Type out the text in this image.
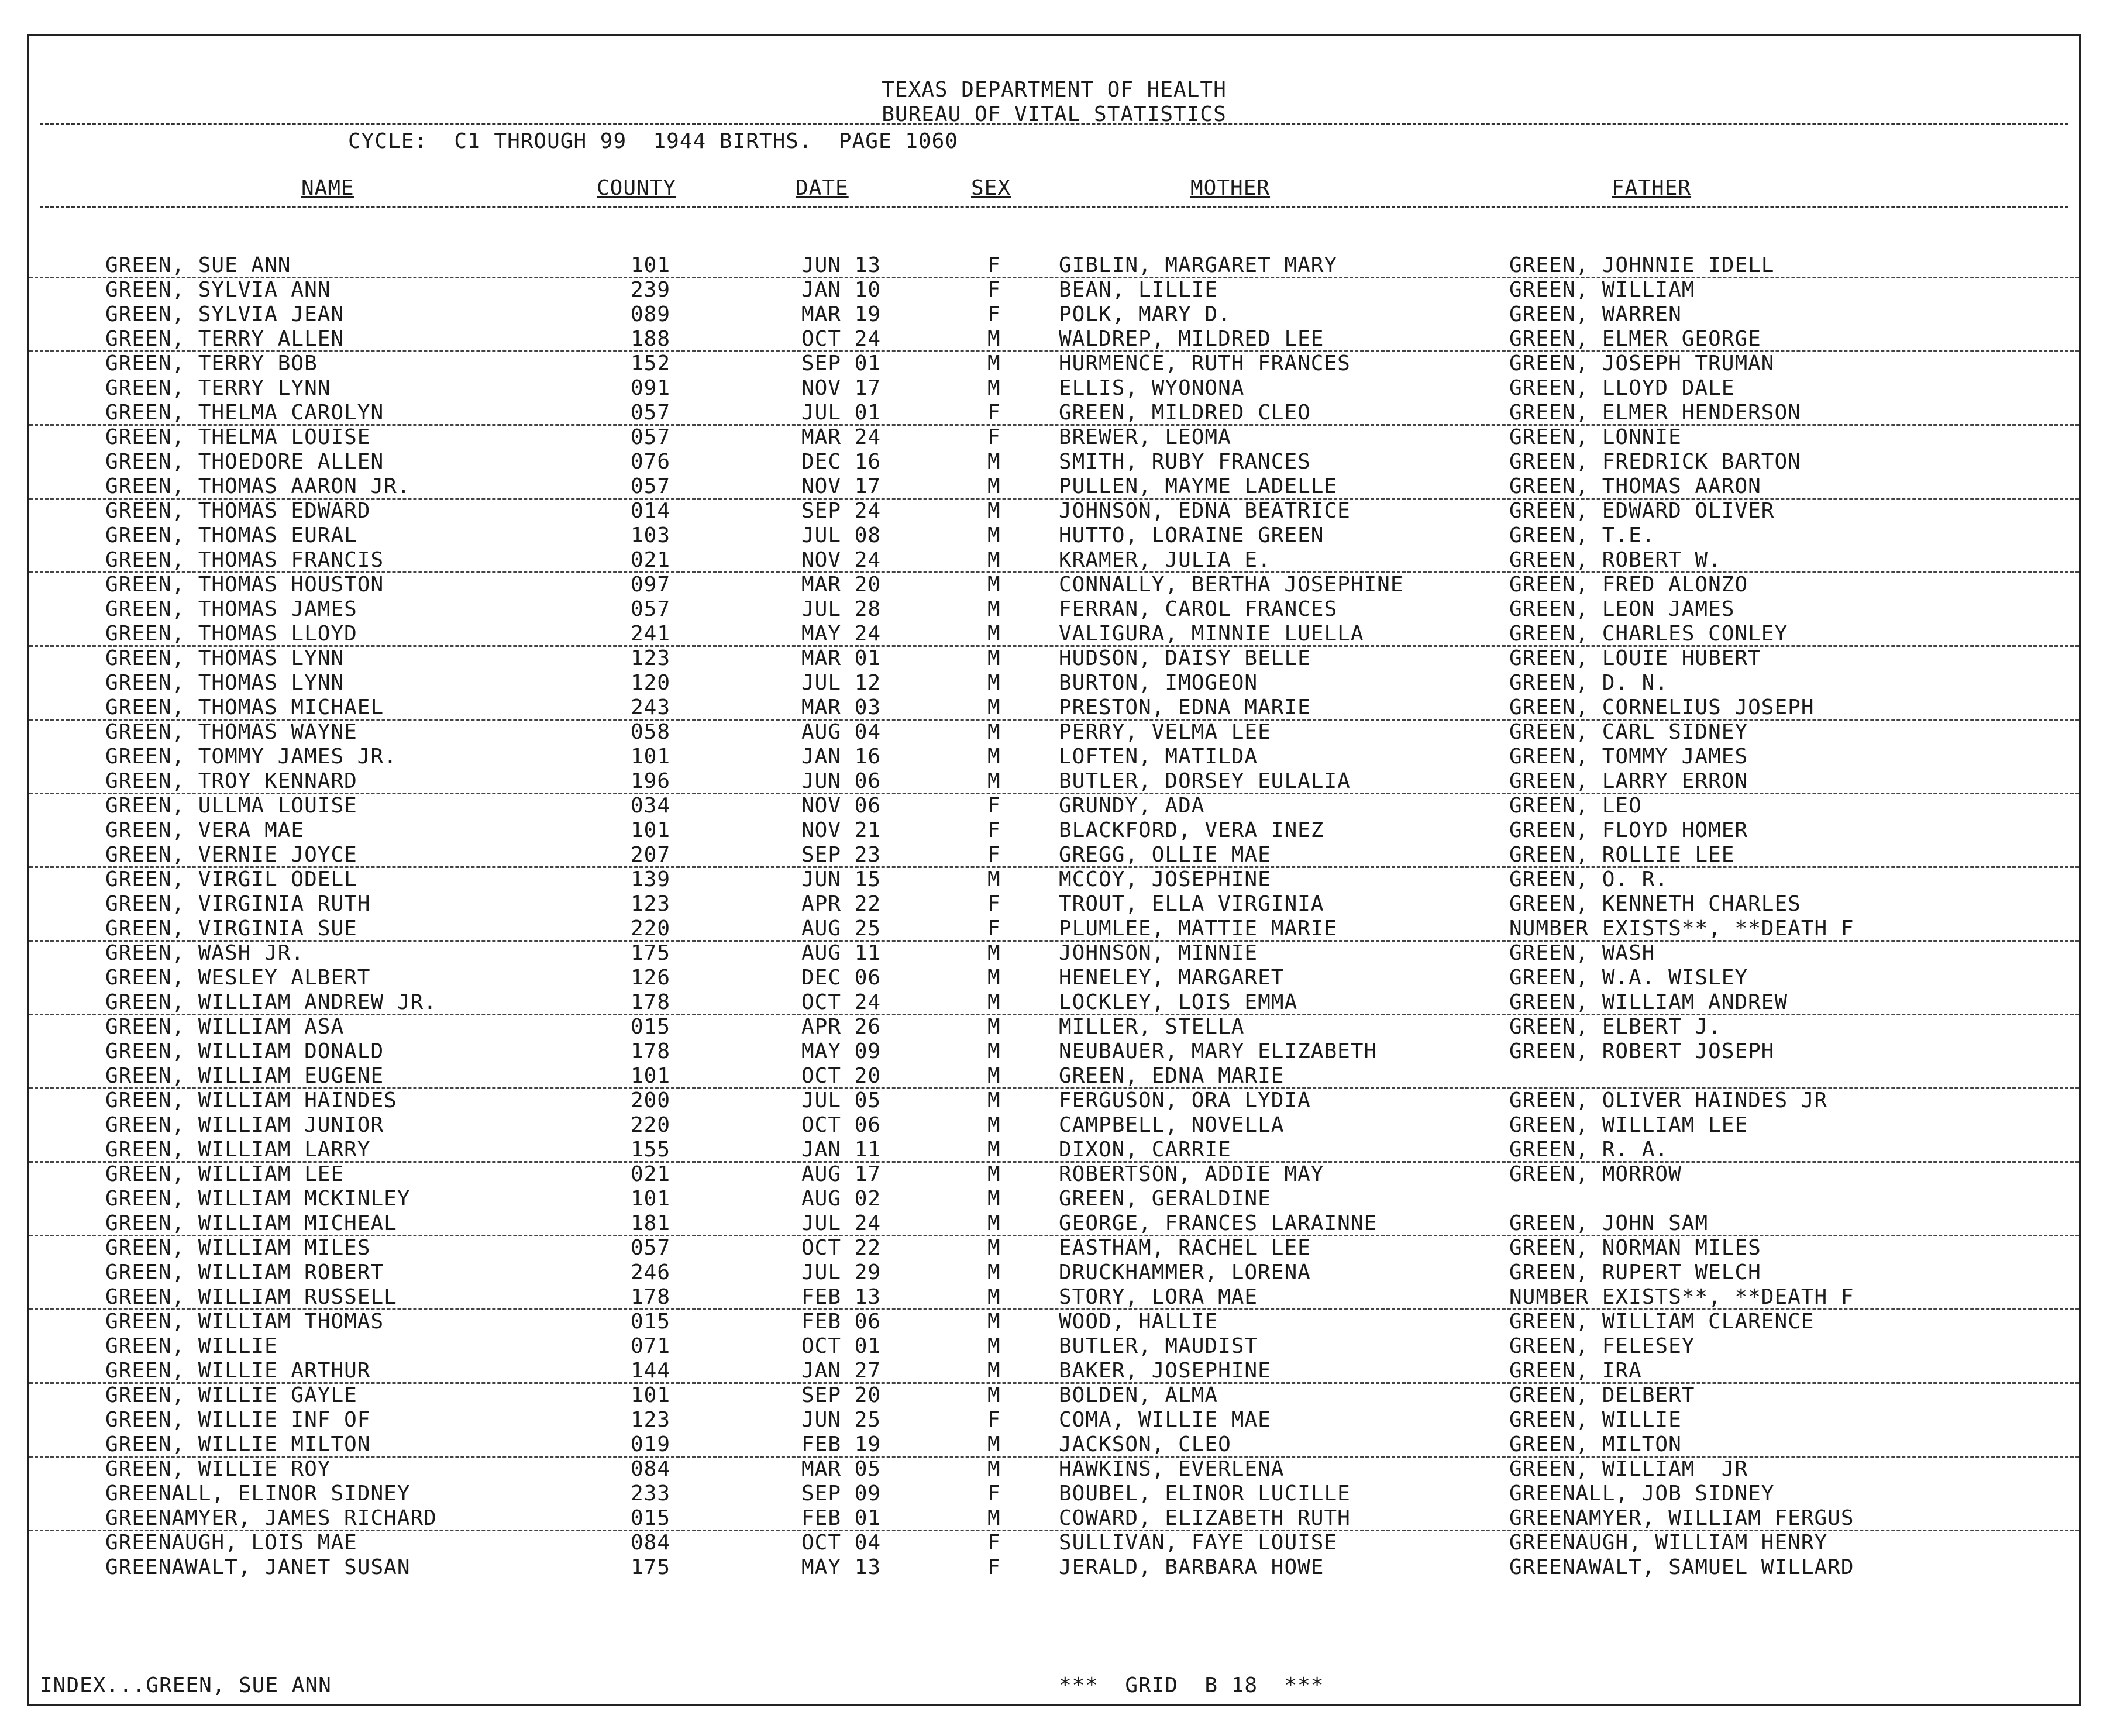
TEXAS DEPARTMENT OF HEALTH
BUREAU OF VITAL STATISTICS
CYCLE:  C1 THROUGH 99  1944 BIRTHS.  PAGE 1060
NAME	COUNTY	DATE	SEX	MOTHER	FATHER
GREEN, SUE ANN	101	JUN 13	F	GIBLIN, MARGARET MARY	GREEN, JOHNNIE IDELL
GREEN, SYLVIA ANN	239	JAN 10	F	BEAN, LILLIE	GREEN, WILLIAM
GREEN, SYLVIA JEAN	089	MAR 19	F	POLK, MARY D.	GREEN, WARREN
GREEN, TERRY ALLEN	188	OCT 24	M	WALDREP, MILDRED LEE	GREEN, ELMER GEORGE
GREEN, TERRY BOB	152	SEP 01	M	HURMENCE, RUTH FRANCES	GREEN, JOSEPH TRUMAN
GREEN, TERRY LYNN	091	NOV 17	M	ELLIS, WYONONA	GREEN, LLOYD DALE
GREEN, THELMA CAROLYN	057	JUL 01	F	GREEN, MILDRED CLEO	GREEN, ELMER HENDERSON
GREEN, THELMA LOUISE	057	MAR 24	F	BREWER, LEOMA	GREEN, LONNIE
GREEN, THOEDORE ALLEN	076	DEC 16	M	SMITH, RUBY FRANCES	GREEN, FREDRICK BARTON
GREEN, THOMAS AARON JR.	057	NOV 17	M	PULLEN, MAYME LADELLE	GREEN, THOMAS AARON
GREEN, THOMAS EDWARD	014	SEP 24	M	JOHNSON, EDNA BEATRICE	GREEN, EDWARD OLIVER
GREEN, THOMAS EURAL	103	JUL 08	M	HUTTO, LORAINE GREEN	GREEN, T.E.
GREEN, THOMAS FRANCIS	021	NOV 24	M	KRAMER, JULIA E.	GREEN, ROBERT W.
GREEN, THOMAS HOUSTON	097	MAR 20	M	CONNALLY, BERTHA JOSEPHINE	GREEN, FRED ALONZO
GREEN, THOMAS JAMES	057	JUL 28	M	FERRAN, CAROL FRANCES	GREEN, LEON JAMES
GREEN, THOMAS LLOYD	241	MAY 24	M	VALIGURA, MINNIE LUELLA	GREEN, CHARLES CONLEY
GREEN, THOMAS LYNN	123	MAR 01	M	HUDSON, DAISY BELLE	GREEN, LOUIE HUBERT
GREEN, THOMAS LYNN	120	JUL 12	M	BURTON, IMOGEON	GREEN, D. N.
GREEN, THOMAS MICHAEL	243	MAR 03	M	PRESTON, EDNA MARIE	GREEN, CORNELIUS JOSEPH
GREEN, THOMAS WAYNE	058	AUG 04	M	PERRY, VELMA LEE	GREEN, CARL SIDNEY
GREEN, TOMMY JAMES JR.	101	JAN 16	M	LOFTEN, MATILDA	GREEN, TOMMY JAMES
GREEN, TROY KENNARD	196	JUN 06	M	BUTLER, DORSEY EULALIA	GREEN, LARRY ERRON
GREEN, ULLMA LOUISE	034	NOV 06	F	GRUNDY, ADA	GREEN, LEO
GREEN, VERA MAE	101	NOV 21	F	BLACKFORD, VERA INEZ	GREEN, FLOYD HOMER
GREEN, VERNIE JOYCE	207	SEP 23	F	GREGG, OLLIE MAE	GREEN, ROLLIE LEE
GREEN, VIRGIL ODELL	139	JUN 15	M	MCCOY, JOSEPHINE	GREEN, O. R.
GREEN, VIRGINIA RUTH	123	APR 22	F	TROUT, ELLA VIRGINIA	GREEN, KENNETH CHARLES
GREEN, VIRGINIA SUE	220	AUG 25	F	PLUMLEE, MATTIE MARIE	NUMBER EXISTS**, **DEATH F
GREEN, WASH JR.	175	AUG 11	M	JOHNSON, MINNIE	GREEN, WASH
GREEN, WESLEY ALBERT	126	DEC 06	M	HENELEY, MARGARET	GREEN, W.A. WISLEY
GREEN, WILLIAM ANDREW JR.	178	OCT 24	M	LOCKLEY, LOIS EMMA	GREEN, WILLIAM ANDREW
GREEN, WILLIAM ASA	015	APR 26	M	MILLER, STELLA	GREEN, ELBERT J.
GREEN, WILLIAM DONALD	178	MAY 09	M	NEUBAUER, MARY ELIZABETH	GREEN, ROBERT JOSEPH
GREEN, WILLIAM EUGENE	101	OCT 20	M	GREEN, EDNA MARIE
GREEN, WILLIAM HAINDES	200	JUL 05	M	FERGUSON, ORA LYDIA	GREEN, OLIVER HAINDES JR
GREEN, WILLIAM JUNIOR	220	OCT 06	M	CAMPBELL, NOVELLA	GREEN, WILLIAM LEE
GREEN, WILLIAM LARRY	155	JAN 11	M	DIXON, CARRIE	GREEN, R. A.
GREEN, WILLIAM LEE	021	AUG 17	M	ROBERTSON, ADDIE MAY	GREEN, MORROW
GREEN, WILLIAM MCKINLEY	101	AUG 02	M	GREEN, GERALDINE
GREEN, WILLIAM MICHEAL	181	JUL 24	M	GEORGE, FRANCES LARAINNE	GREEN, JOHN SAM
GREEN, WILLIAM MILES	057	OCT 22	M	EASTHAM, RACHEL LEE	GREEN, NORMAN MILES
GREEN, WILLIAM ROBERT	246	JUL 29	M	DRUCKHAMMER, LORENA	GREEN, RUPERT WELCH
GREEN, WILLIAM RUSSELL	178	FEB 13	M	STORY, LORA MAE	NUMBER EXISTS**, **DEATH F
GREEN, WILLIAM THOMAS	015	FEB 06	M	WOOD, HALLIE	GREEN, WILLIAM CLARENCE
GREEN, WILLIE	071	OCT 01	M	BUTLER, MAUDIST	GREEN, FELESEY
GREEN, WILLIE ARTHUR	144	JAN 27	M	BAKER, JOSEPHINE	GREEN, IRA
GREEN, WILLIE GAYLE	101	SEP 20	M	BOLDEN, ALMA	GREEN, DELBERT
GREEN, WILLIE INF OF	123	JUN 25	F	COMA, WILLIE MAE	GREEN, WILLIE
GREEN, WILLIE MILTON	019	FEB 19	M	JACKSON, CLEO	GREEN, MILTON
GREEN, WILLIE ROY	084	MAR 05	M	HAWKINS, EVERLENA	GREEN, WILLIAM  JR
GREENALL, ELINOR SIDNEY	233	SEP 09	F	BOUBEL, ELINOR LUCILLE	GREENALL, JOB SIDNEY
GREENAMYER, JAMES RICHARD	015	FEB 01	M	COWARD, ELIZABETH RUTH	GREENAMYER, WILLIAM FERGUS
GREENAUGH, LOIS MAE	084	OCT 04	F	SULLIVAN, FAYE LOUISE	GREENAUGH, WILLIAM HENRY
GREENAWALT, JANET SUSAN	175	MAY 13	F	JERALD, BARBARA HOWE	GREENAWALT, SAMUEL WILLARD
INDEX...GREEN, SUE ANN	***  GRID  B 18  ***
